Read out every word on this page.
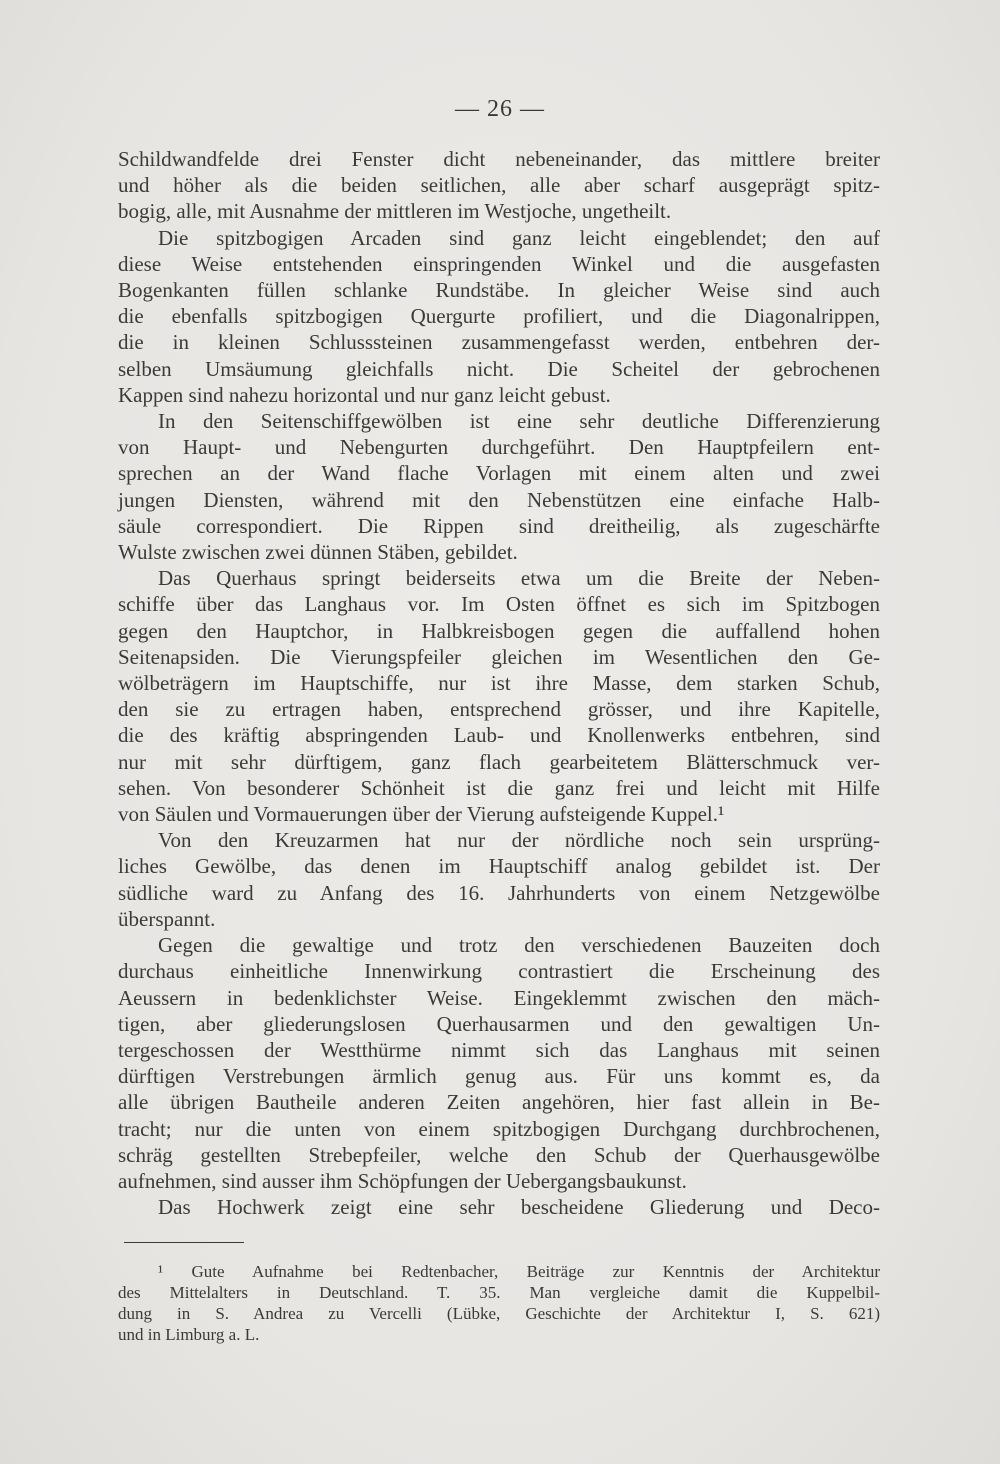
— 26 —
Schildwandfelde drei Fenster dicht nebeneinander, das mittlere breiter
und höher als die beiden seitlichen, alle aber scharf ausgeprägt spitz-
bogig, alle, mit Ausnahme der mittleren im Westjoche, ungetheilt.
Die spitzbogigen Arcaden sind ganz leicht eingeblendet; den auf
diese Weise entstehenden einspringenden Winkel und die ausgefasten
Bogenkanten füllen schlanke Rundstäbe. In gleicher Weise sind auch
die ebenfalls spitzbogigen Quergurte profiliert, und die Diagonalrippen,
die in kleinen Schlusssteinen zusammengefasst werden, entbehren der-
selben Umsäumung gleichfalls nicht. Die Scheitel der gebrochenen
Kappen sind nahezu horizontal und nur ganz leicht gebust.
In den Seitenschiffgewölben ist eine sehr deutliche Differenzierung
von Haupt- und Nebengurten durchgeführt. Den Hauptpfeilern ent-
sprechen an der Wand flache Vorlagen mit einem alten und zwei
jungen Diensten, während mit den Nebenstützen eine einfache Halb-
säule correspondiert. Die Rippen sind dreitheilig, als zugeschärfte
Wulste zwischen zwei dünnen Stäben, gebildet.
Das Querhaus springt beiderseits etwa um die Breite der Neben-
schiffe über das Langhaus vor. Im Osten öffnet es sich im Spitzbogen
gegen den Hauptchor, in Halbkreisbogen gegen die auffallend hohen
Seitenapsiden. Die Vierungspfeiler gleichen im Wesentlichen den Ge-
wölbeträgern im Hauptschiffe, nur ist ihre Masse, dem starken Schub,
den sie zu ertragen haben, entsprechend grösser, und ihre Kapitelle,
die des kräftig abspringenden Laub- und Knollenwerks entbehren, sind
nur mit sehr dürftigem, ganz flach gearbeitetem Blätterschmuck ver-
sehen. Von besonderer Schönheit ist die ganz frei und leicht mit Hilfe
von Säulen und Vormauerungen über der Vierung aufsteigende Kuppel.¹
Von den Kreuzarmen hat nur der nördliche noch sein ursprüng-
liches Gewölbe, das denen im Hauptschiff analog gebildet ist. Der
südliche ward zu Anfang des 16. Jahrhunderts von einem Netzgewölbe
überspannt.
Gegen die gewaltige und trotz den verschiedenen Bauzeiten doch
durchaus einheitliche Innenwirkung contrastiert die Erscheinung des
Aeussern in bedenklichster Weise. Eingeklemmt zwischen den mäch-
tigen, aber gliederungslosen Querhausarmen und den gewaltigen Un-
tergeschossen der Westthürme nimmt sich das Langhaus mit seinen
dürftigen Verstrebungen ärmlich genug aus. Für uns kommt es, da
alle übrigen Bautheile anderen Zeiten angehören, hier fast allein in Be-
tracht; nur die unten von einem spitzbogigen Durchgang durchbrochenen,
schräg gestellten Strebepfeiler, welche den Schub der Querhausgewölbe
aufnehmen, sind ausser ihm Schöpfungen der Uebergangsbaukunst.
Das Hochwerk zeigt eine sehr bescheidene Gliederung und Deco-
¹ Gute Aufnahme bei Redtenbacher, Beiträge zur Kenntnis der Architektur
des Mittelalters in Deutschland. T. 35. Man vergleiche damit die Kuppelbil-
dung in S. Andrea zu Vercelli (Lübke, Geschichte der Architektur I, S. 621)
und in Limburg a. L.
